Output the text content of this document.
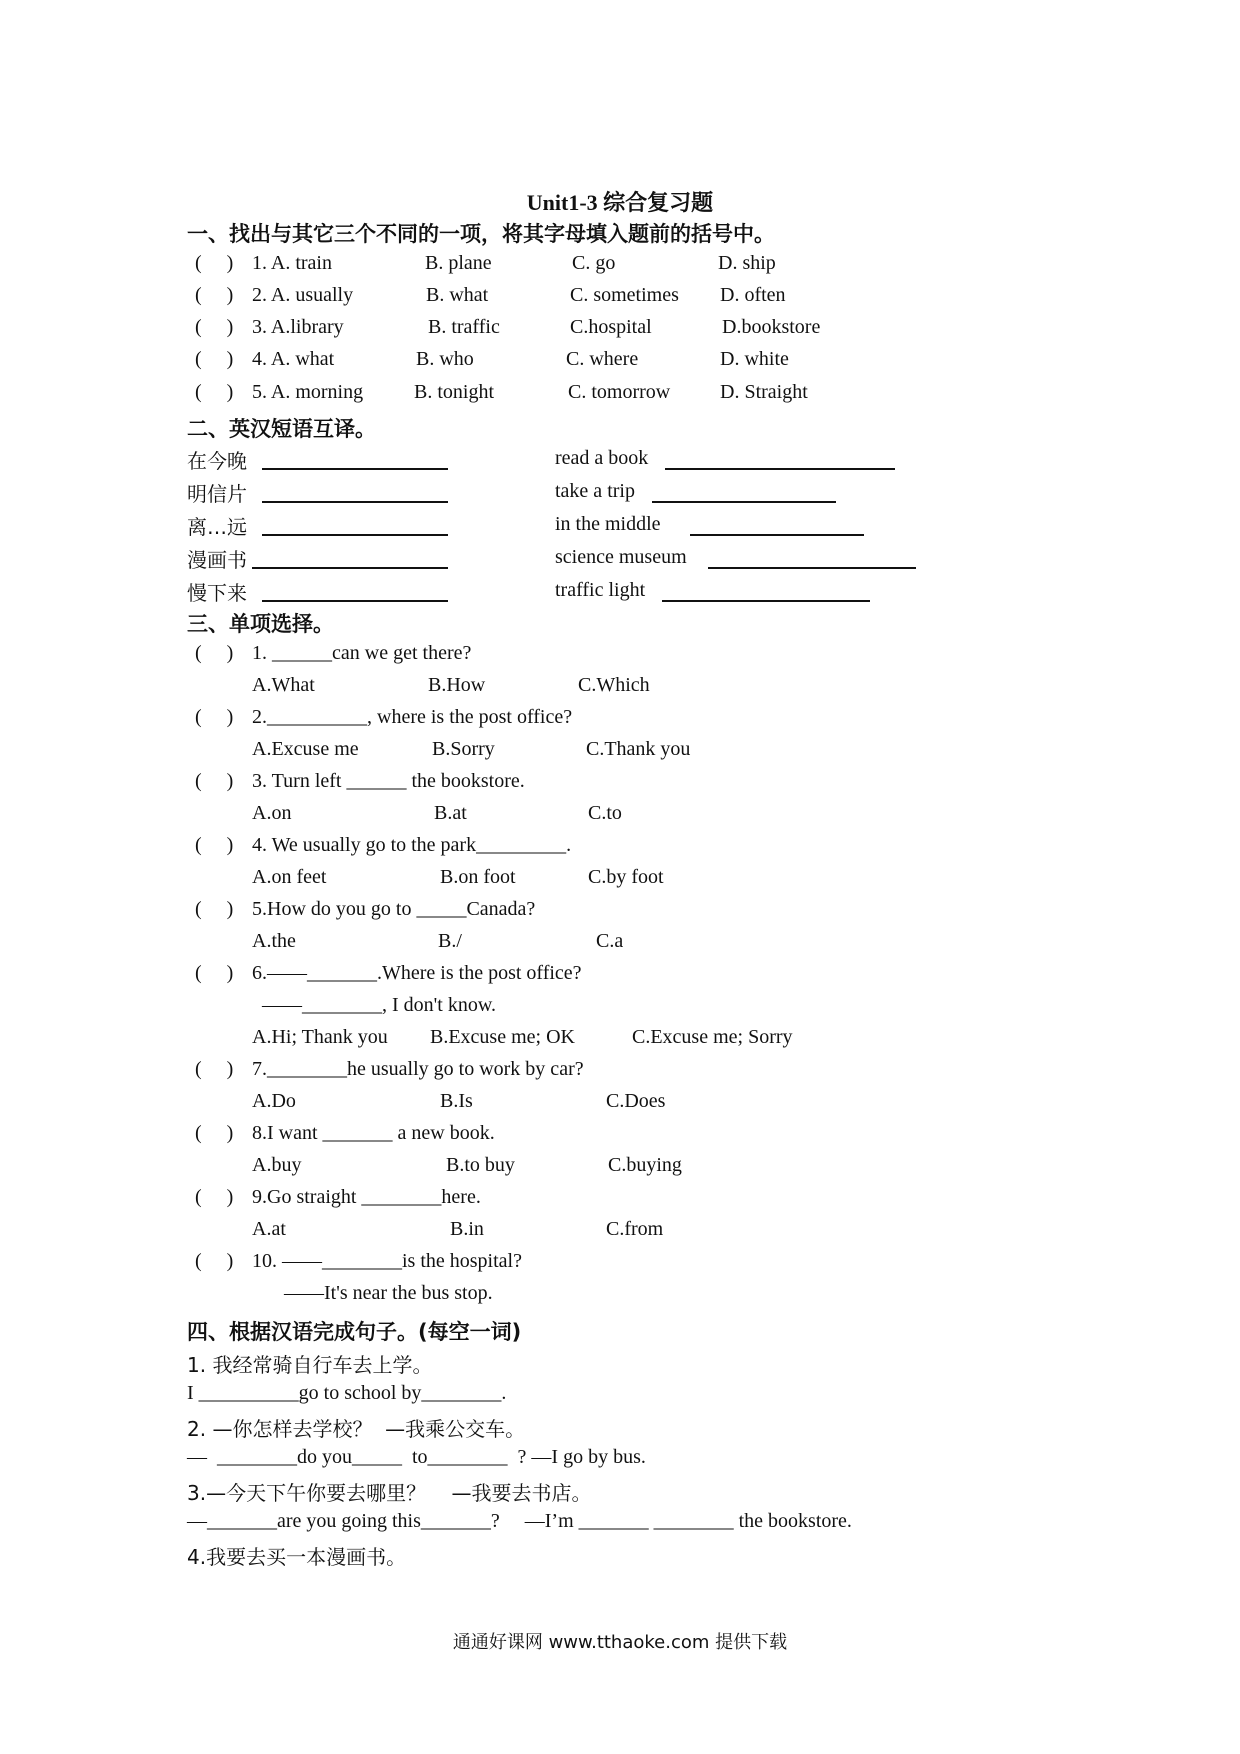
Unit1-3 综合复习题
一、找出与其它三个不同的一项，将其字母填入题前的括号中。
(     ) 1. A. train	B. plane	C. go	D. ship
(     ) 2. A. usually	B. what	C. sometimes D. often
(     ) 3. A.library	B. traffic	C.hospital	D.bookstore
(     ) 4. A. what	B. who	C. where	D. white
(     ) 5. A. morning	B. tonight	C. tomorrow D. Straight
二、英汉短语互译。
在今晚	read a book
明信片	take a trip
离…远	in the middle
漫画书	science museum
慢下来	traffic light
三、单项选择。
(     ) 1. ______can we get there?
A.What	B.How	C.Which
(     ) 2.__________, where is the post office?
A.Excuse me	B.Sorry	C.Thank you
(     ) 3. Turn left ______ the bookstore.
A.on	B.at	C.to
(     ) 4. We usually go to the park_________.
A.on feet	B.on foot	C.by foot
(     ) 5.How do you go to _____Canada?
A.the	B./	C.a
(     ) 6.——_______.Where is the post office?
——________, I don't know.
A.Hi; Thank you B.Excuse me; OK	C.Excuse me; Sorry
(     ) 7.________he usually go to work by car?
A.Do	B.Is	C.Does
(     ) 8.I want _______ a new book.
A.buy	B.to buy	C.buying
(     ) 9.Go straight ________here.
A.at	B.in	C.from
(     ) 10. ——________is the hospital?
——It's near the bus stop.
四、根据汉语完成句子。(每空一词)
1. 我经常骑自行车去上学。
I __________go to school by________.
2. —你怎样去学校？  —我乘公交车。
—  ________do you_____  to________  ? —I go by bus.
3.—今天下午你要去哪里？    —我要去书店。
—_______are you going this_______?     —I’m _______ ________ the bookstore.
4.我要去买一本漫画书。
通通好课网 www.tthaoke.com 提供下载
